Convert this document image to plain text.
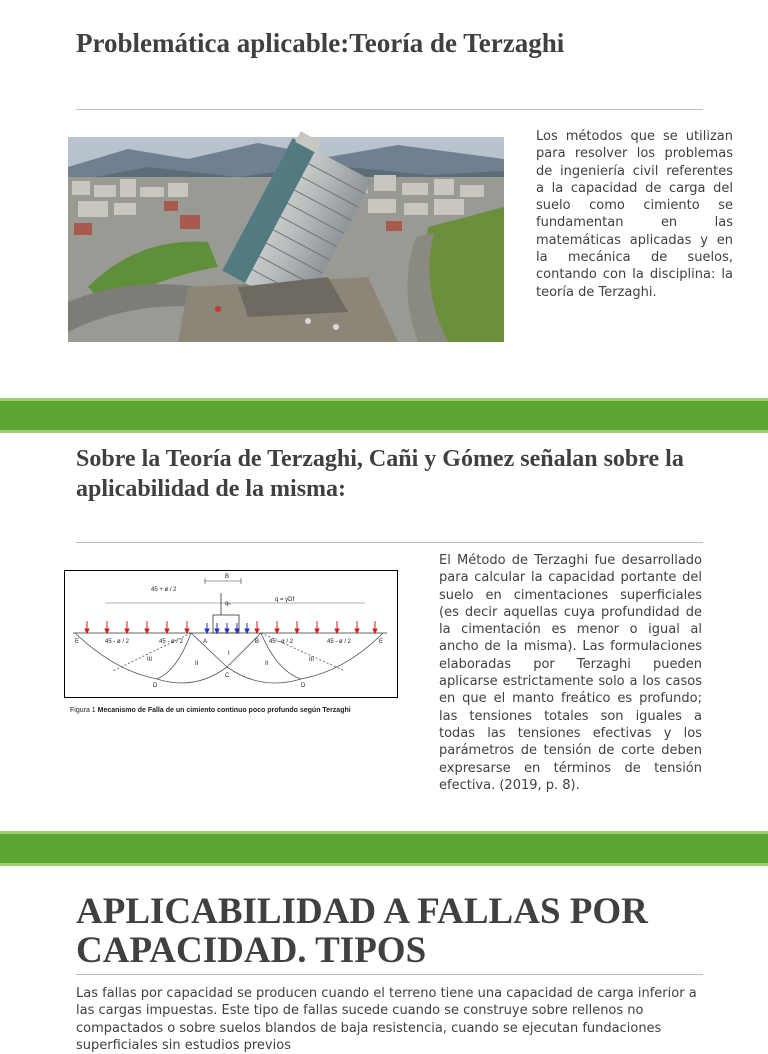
Problemática aplicable:Teoría de Terzaghi

Los métodos que se utilizan para resolver los problemas de ingeniería civil referentes a la capacidad de carga del suelo como cimiento se fundamentan en las matemáticas aplicadas y en la mecánica de suelos, contando con la disciplina: la teoría de Terzaghi.

Sobre la Teoría de Terzaghi, Cañi y Gómez señalan sobre la aplicabilidad de la misma:
B
45 + ø / 2
qₕ
q = γDf
45 - ø / 2	45 - ø / 2	45 - ø / 2	45 - ø / 2
E	E
A	B
C
D	D
I
II	II
III	III

Figura 1 Mecanismo de Falla de un cimiento continuo poco profundo según Terzaghi

El Método de Terzaghi fue desarrollado para calcular la capacidad portante del suelo en cimentaciones superficiales (es decir aquellas cuya profundidad de la cimentación es menor o igual al ancho de la misma). Las formulaciones elaboradas por Terzaghi pueden aplicarse estrictamente solo a los casos en que el manto freático es profundo; las tensiones totales son iguales a todas las tensiones efectivas y los parámetros de tensión de corte deben expresarse en términos de tensión efectiva. (2019, p. 8).

APLICABILIDAD A FALLAS POR CAPACIDAD. TIPOS

Las fallas por capacidad se producen cuando el terreno tiene una capacidad de carga inferior a las cargas impuestas. Este tipo de fallas sucede cuando se construye sobre rellenos no compactados o sobre suelos blandos de baja resistencia, cuando se ejecutan fundaciones superficiales sin estudios previos
